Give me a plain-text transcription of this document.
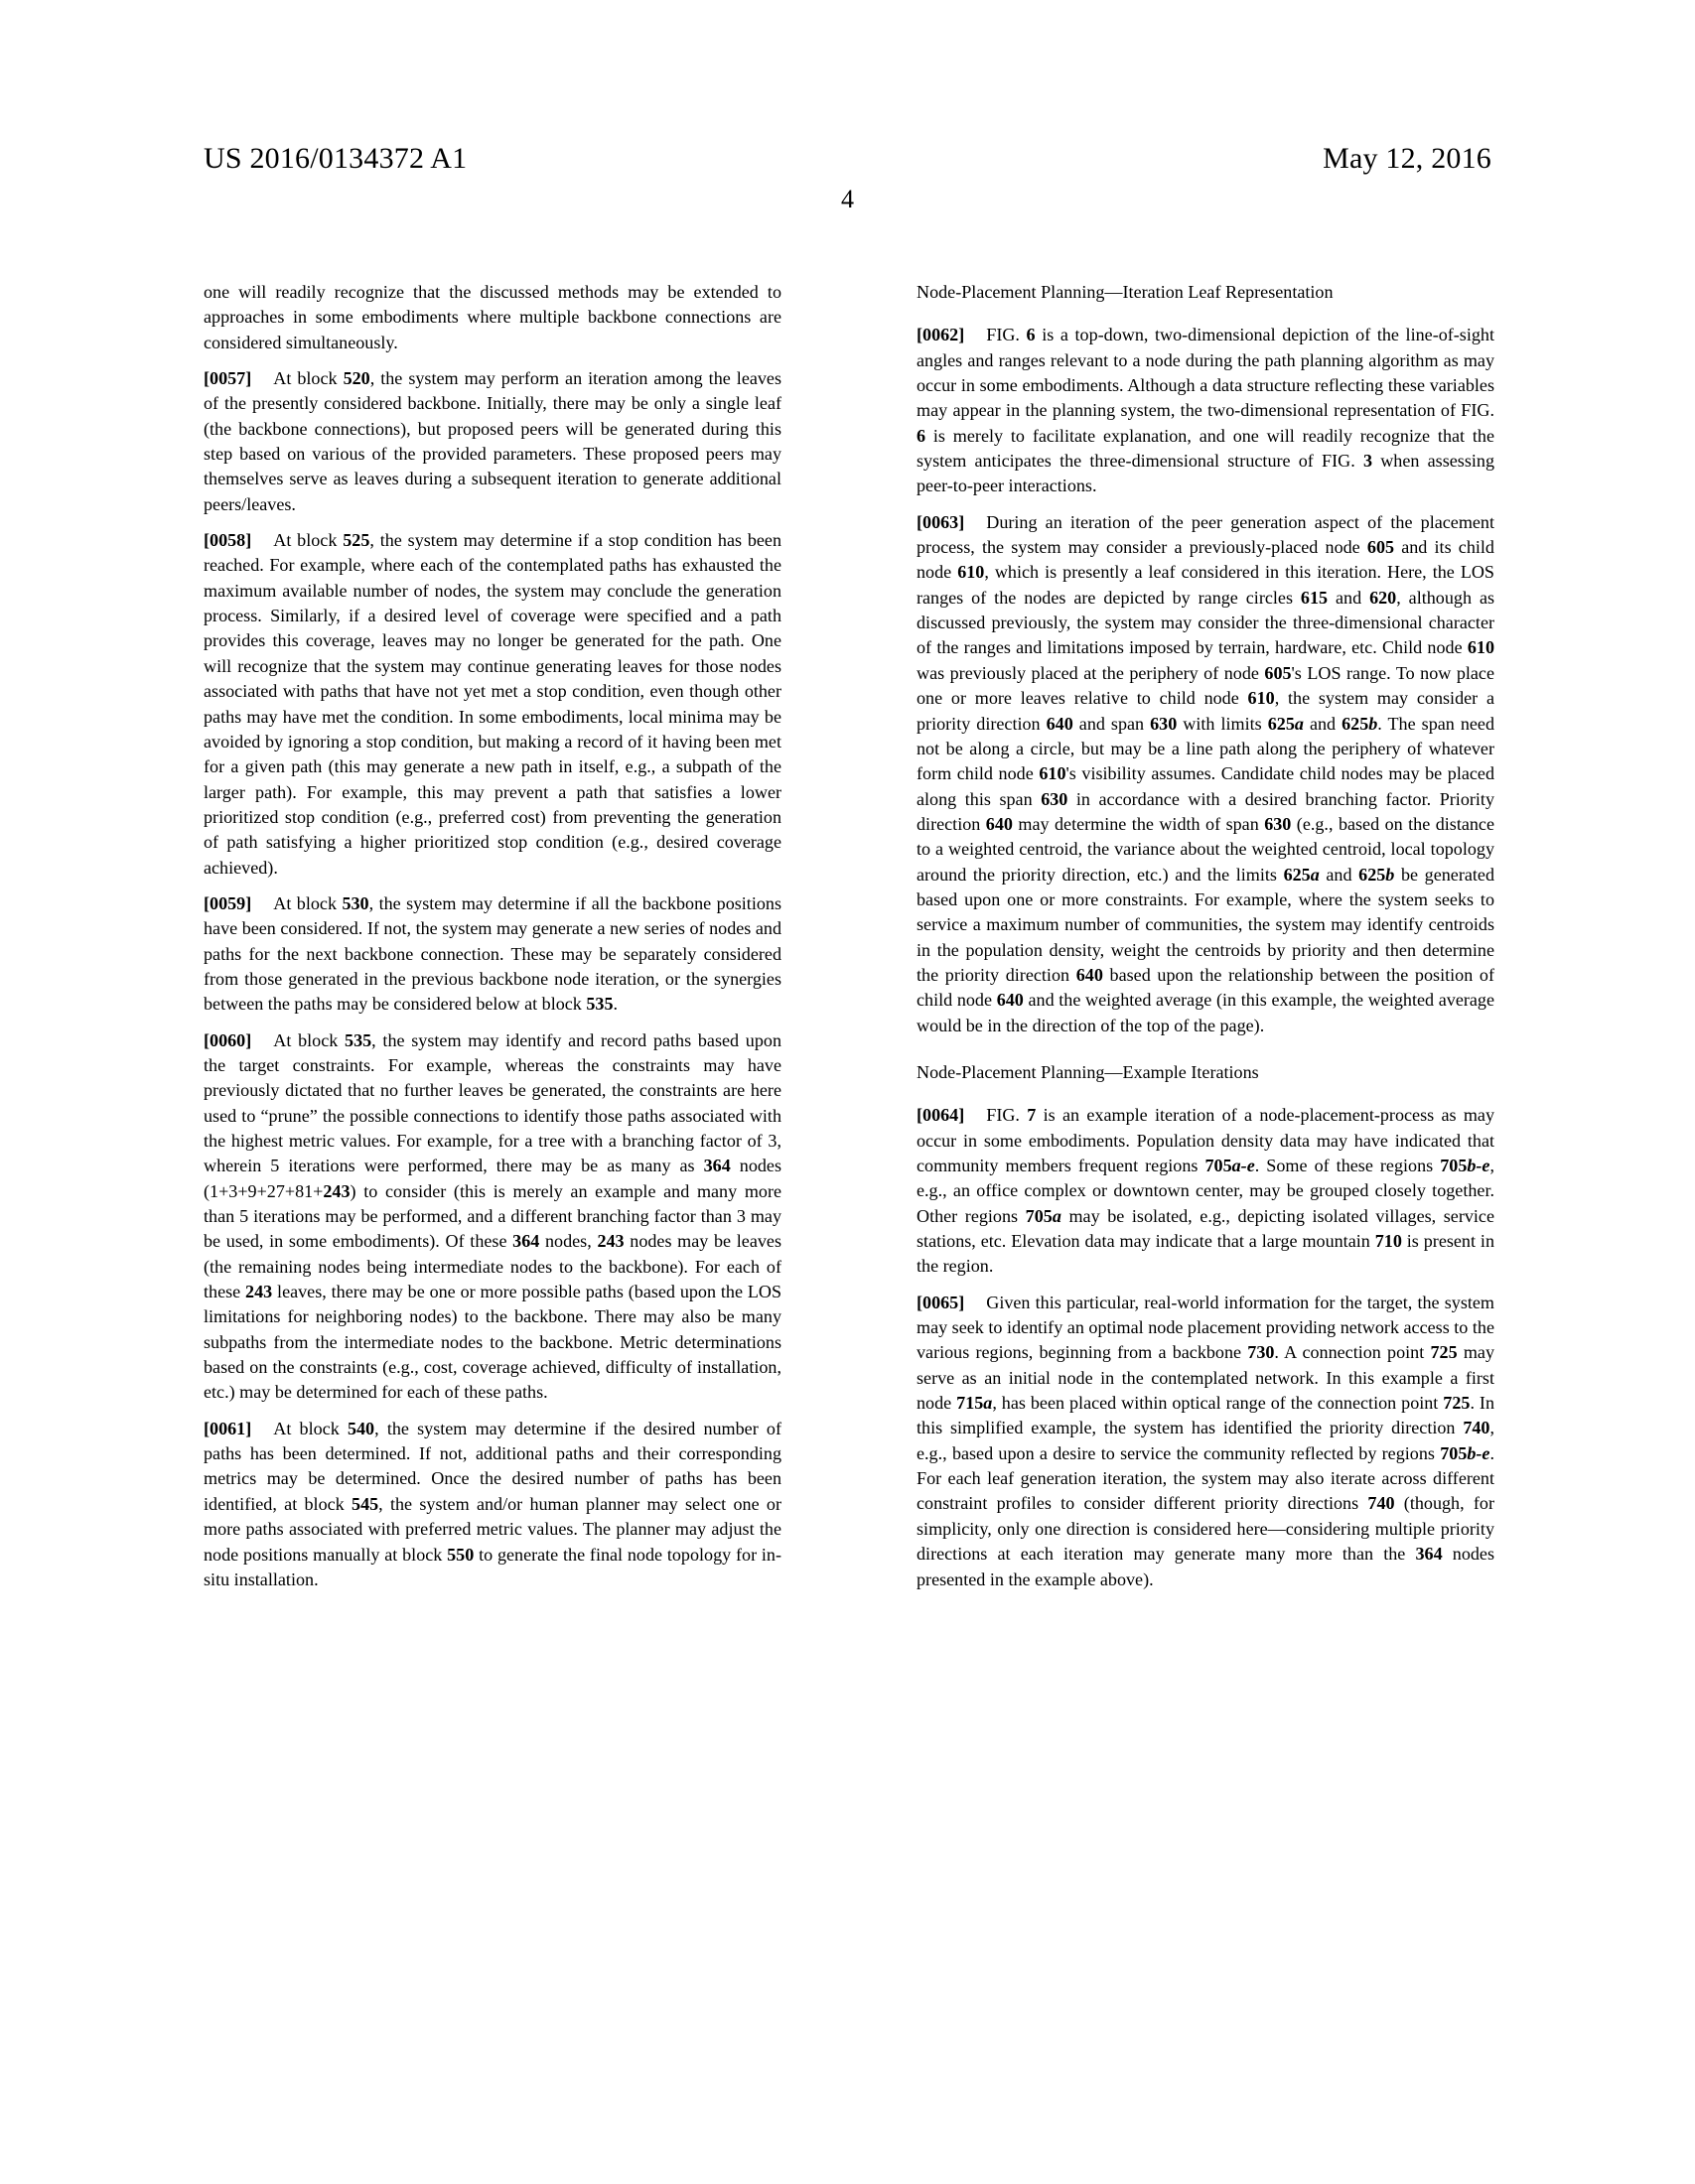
US 2016/0134372 A1	May 12, 2016
4

one will readily recognize that the discussed methods may be extended to approaches in some embodiments where multiple backbone connections are considered simultaneously.

[0057] At block 520, the system may perform an iteration among the leaves of the presently considered backbone. Initially, there may be only a single leaf (the backbone connections), but proposed peers will be generated during this step based on various of the provided parameters. These proposed peers may themselves serve as leaves during a subsequent iteration to generate additional peers/leaves.

[0058] At block 525, the system may determine if a stop condition has been reached. For example, where each of the contemplated paths has exhausted the maximum available number of nodes, the system may conclude the generation process. Similarly, if a desired level of coverage were specified and a path provides this coverage, leaves may no longer be generated for the path. One will recognize that the system may continue generating leaves for those nodes associated with paths that have not yet met a stop condition, even though other paths may have met the condition. In some embodiments, local minima may be avoided by ignoring a stop condition, but making a record of it having been met for a given path (this may generate a new path in itself, e.g., a subpath of the larger path). For example, this may prevent a path that satisfies a lower prioritized stop condition (e.g., preferred cost) from preventing the generation of path satisfying a higher prioritized stop condition (e.g., desired coverage achieved).

[0059] At block 530, the system may determine if all the backbone positions have been considered. If not, the system may generate a new series of nodes and paths for the next backbone connection. These may be separately considered from those generated in the previous backbone node iteration, or the synergies between the paths may be considered below at block 535.

[0060] At block 535, the system may identify and record paths based upon the target constraints. For example, whereas the constraints may have previously dictated that no further leaves be generated, the constraints are here used to “prune” the possible connections to identify those paths associated with the highest metric values. For example, for a tree with a branching factor of 3, wherein 5 iterations were performed, there may be as many as 364 nodes (1+3+9+27+81+243) to consider (this is merely an example and many more than 5 iterations may be performed, and a different branching factor than 3 may be used, in some embodiments). Of these 364 nodes, 243 nodes may be leaves (the remaining nodes being intermediate nodes to the backbone). For each of these 243 leaves, there may be one or more possible paths (based upon the LOS limitations for neighboring nodes) to the backbone. There may also be many subpaths from the intermediate nodes to the backbone. Metric determinations based on the constraints (e.g., cost, coverage achieved, difficulty of installation, etc.) may be determined for each of these paths.

[0061] At block 540, the system may determine if the desired number of paths has been determined. If not, additional paths and their corresponding metrics may be determined. Once the desired number of paths has been identified, at block 545, the system and/or human planner may select one or more paths associated with preferred metric values. The planner may adjust the node positions manually at block 550 to generate the final node topology for in-situ installation.

Node-Placement Planning—Iteration Leaf Representation

[0062] FIG. 6 is a top-down, two-dimensional depiction of the line-of-sight angles and ranges relevant to a node during the path planning algorithm as may occur in some embodiments. Although a data structure reflecting these variables may appear in the planning system, the two-dimensional representation of FIG. 6 is merely to facilitate explanation, and one will readily recognize that the system anticipates the three-dimensional structure of FIG. 3 when assessing peer-to-peer interactions.

[0063] During an iteration of the peer generation aspect of the placement process, the system may consider a previously-placed node 605 and its child node 610, which is presently a leaf considered in this iteration. Here, the LOS ranges of the nodes are depicted by range circles 615 and 620, although as discussed previously, the system may consider the three-dimensional character of the ranges and limitations imposed by terrain, hardware, etc. Child node 610 was previously placed at the periphery of node 605's LOS range. To now place one or more leaves relative to child node 610, the system may consider a priority direction 640 and span 630 with limits 625a and 625b. The span need not be along a circle, but may be a line path along the periphery of whatever form child node 610's visibility assumes. Candidate child nodes may be placed along this span 630 in accordance with a desired branching factor. Priority direction 640 may determine the width of span 630 (e.g., based on the distance to a weighted centroid, the variance about the weighted centroid, local topology around the priority direction, etc.) and the limits 625a and 625b be generated based upon one or more constraints. For example, where the system seeks to service a maximum number of communities, the system may identify centroids in the population density, weight the centroids by priority and then determine the priority direction 640 based upon the relationship between the position of child node 640 and the weighted average (in this example, the weighted average would be in the direction of the top of the page).

Node-Placement Planning—Example Iterations

[0064] FIG. 7 is an example iteration of a node-placement-process as may occur in some embodiments. Population density data may have indicated that community members frequent regions 705a-e. Some of these regions 705b-e, e.g., an office complex or downtown center, may be grouped closely together. Other regions 705a may be isolated, e.g., depicting isolated villages, service stations, etc. Elevation data may indicate that a large mountain 710 is present in the region.

[0065] Given this particular, real-world information for the target, the system may seek to identify an optimal node placement providing network access to the various regions, beginning from a backbone 730. A connection point 725 may serve as an initial node in the contemplated network. In this example a first node 715a, has been placed within optical range of the connection point 725. In this simplified example, the system has identified the priority direction 740, e.g., based upon a desire to service the community reflected by regions 705b-e. For each leaf generation iteration, the system may also iterate across different constraint profiles to consider different priority directions 740 (though, for simplicity, only one direction is considered here—considering multiple priority directions at each iteration may generate many more than the 364 nodes presented in the example above).
